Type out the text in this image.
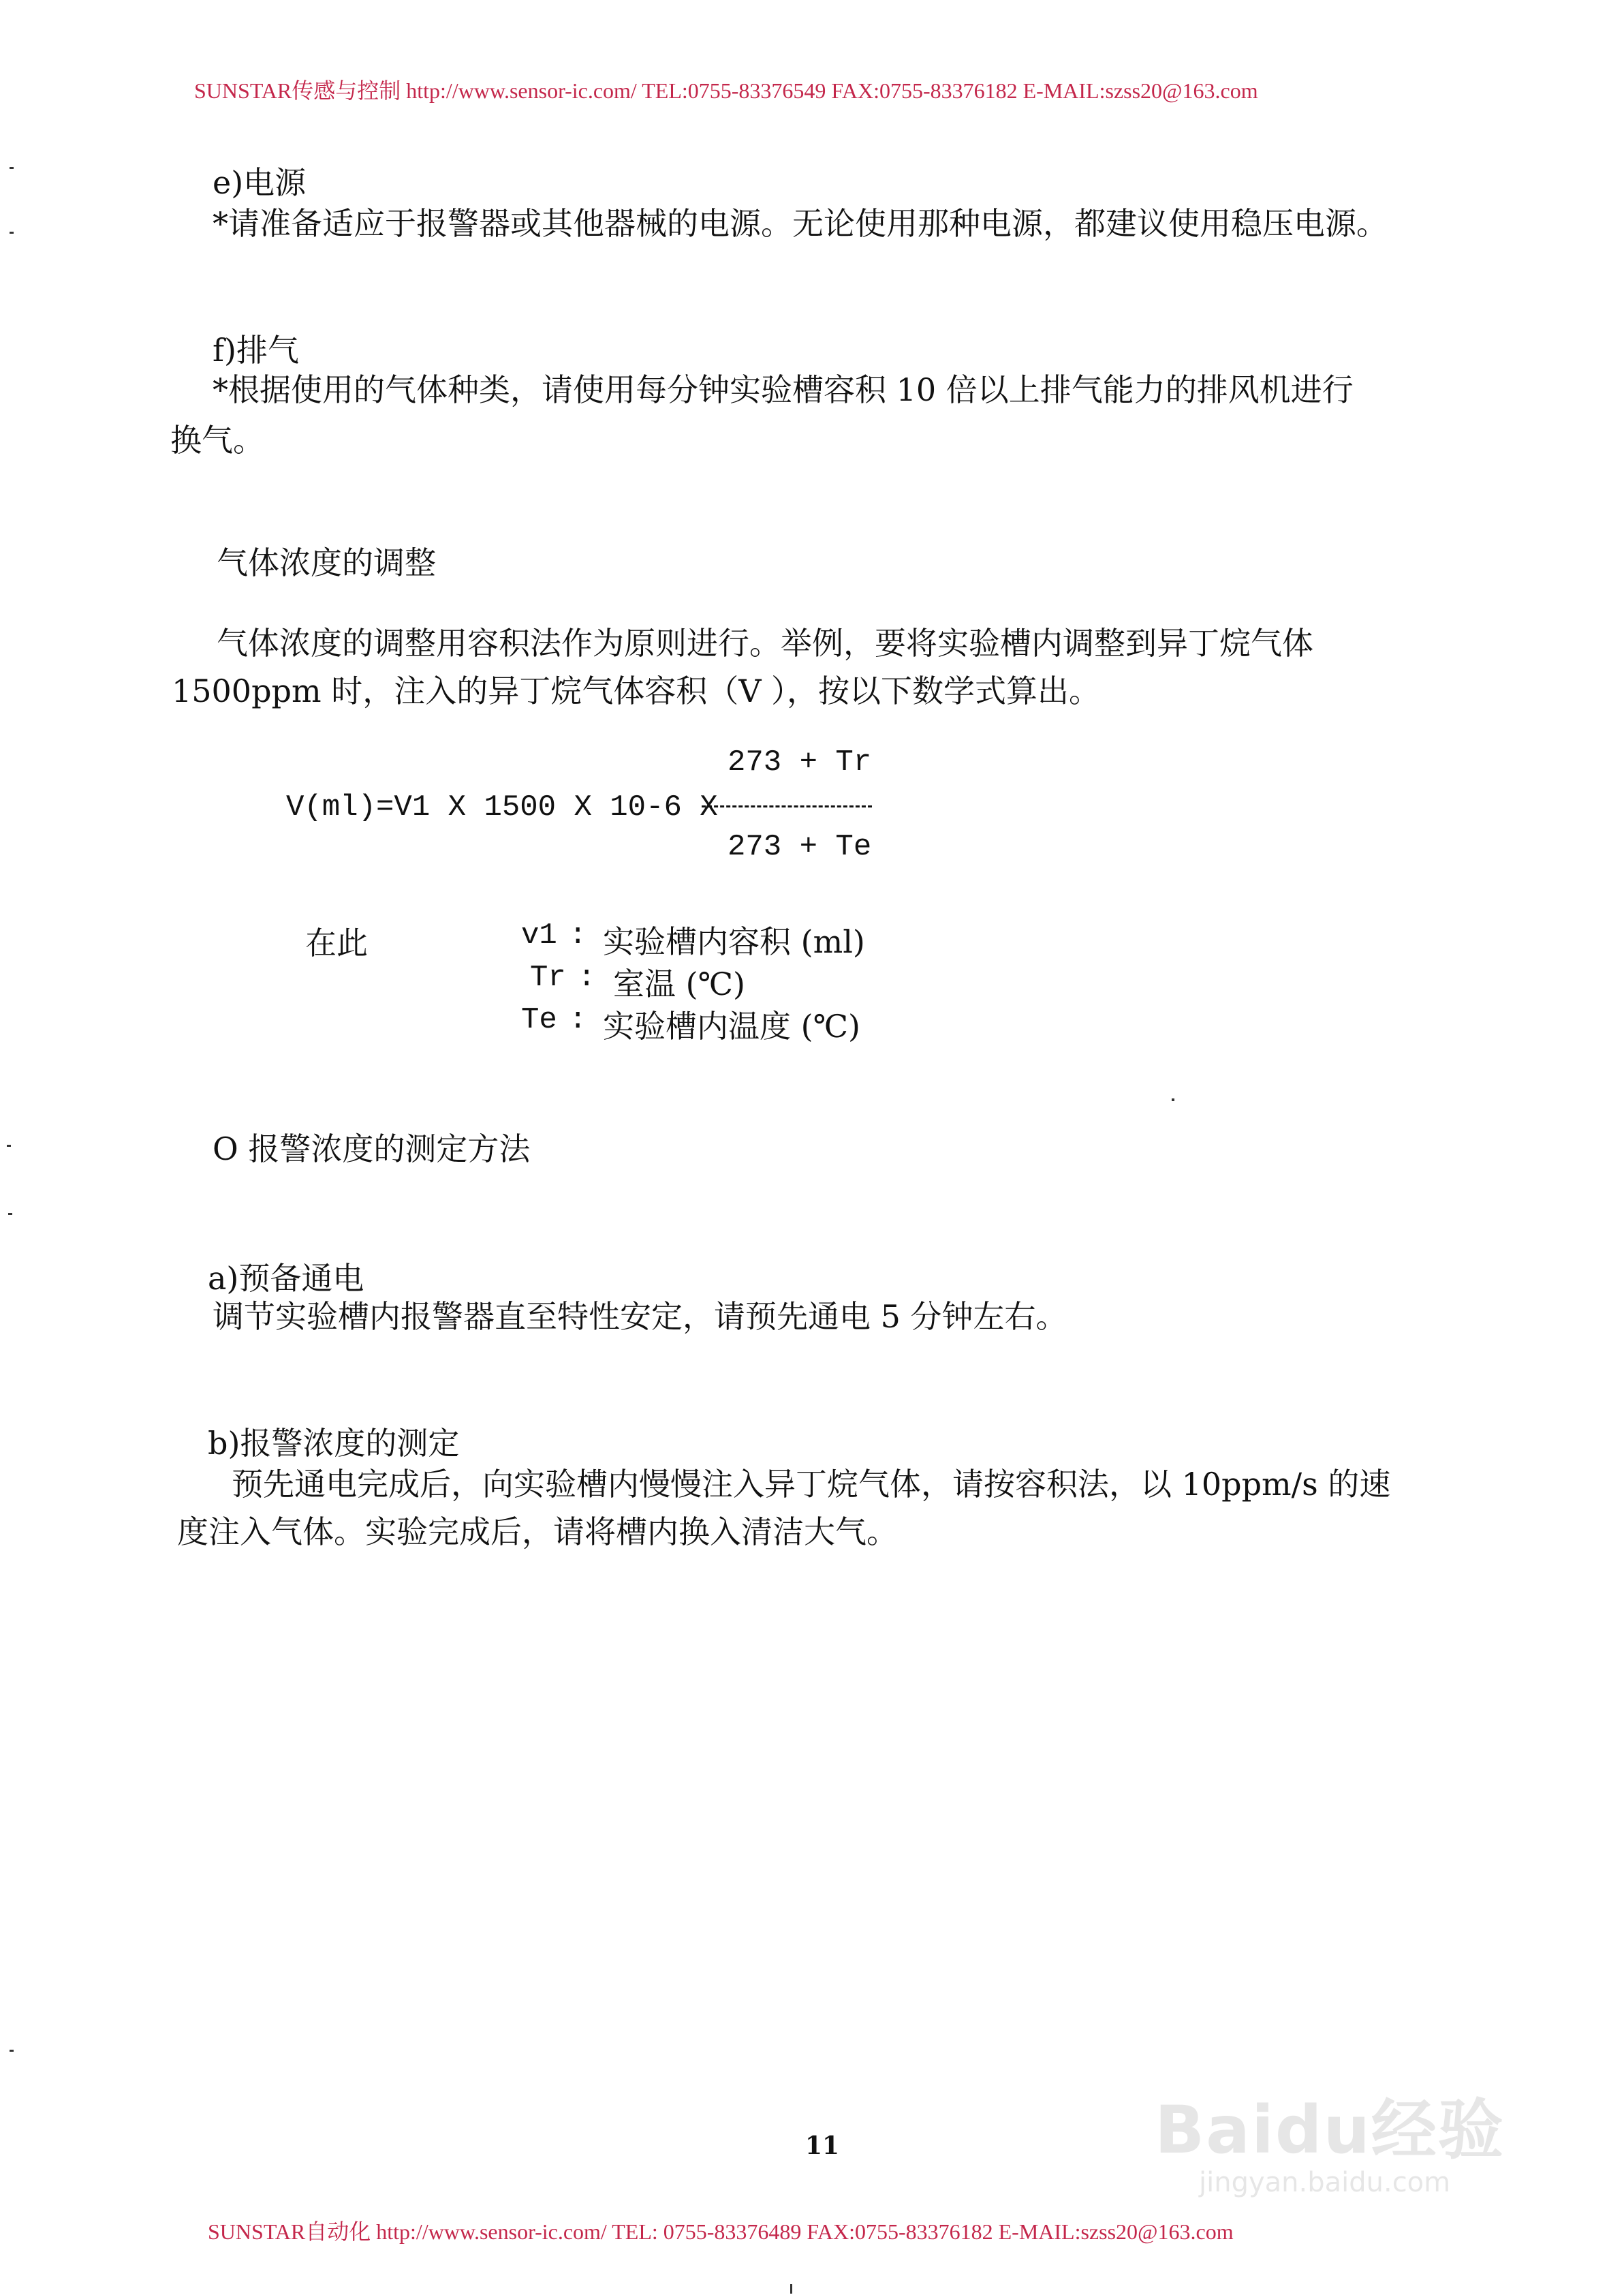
SUNSTAR传感与控制 http://www.sensor-ic.com/ TEL:0755-83376549 FAX:0755-83376182 E-MAIL:szss20@163.com
e)电源
*请准备适应于报警器或其他器械的电源。无论使用那种电源，都建议使用稳压电源。
f)排气
*根据使用的气体种类，请使用每分钟实验槽容积 10 倍以上排气能力的排风机进行
换气。
气体浓度的调整
气体浓度的调整用容积法作为原则进行。举例，要将实验槽内调整到异丁烷气体
1500ppm 时，注入的异丁烷气体容积（V ），按以下数学式算出。
273 + Tr
V(ml)=V1 X 1500 X 10-6 X
273 + Te
在此	v1 : 实验槽内容积 (ml)
Tr : 室温 (℃)
Te : 实验槽内温度 (℃)
O 报警浓度的测定方法
a)预备通电
调节实验槽内报警器直至特性安定，请预先通电 5 分钟左右。
b)报警浓度的测定
预先通电完成后，向实验槽内慢慢注入异丁烷气体，请按容积法，以 10ppm/s 的速
度注入气体。实验完成后，请将槽内换入清洁大气。
11	Baidu经验
jingyan.baidu.com
SUNSTAR自动化 http://www.sensor-ic.com/ TEL: 0755-83376489 FAX:0755-83376182 E-MAIL:szss20@163.com
